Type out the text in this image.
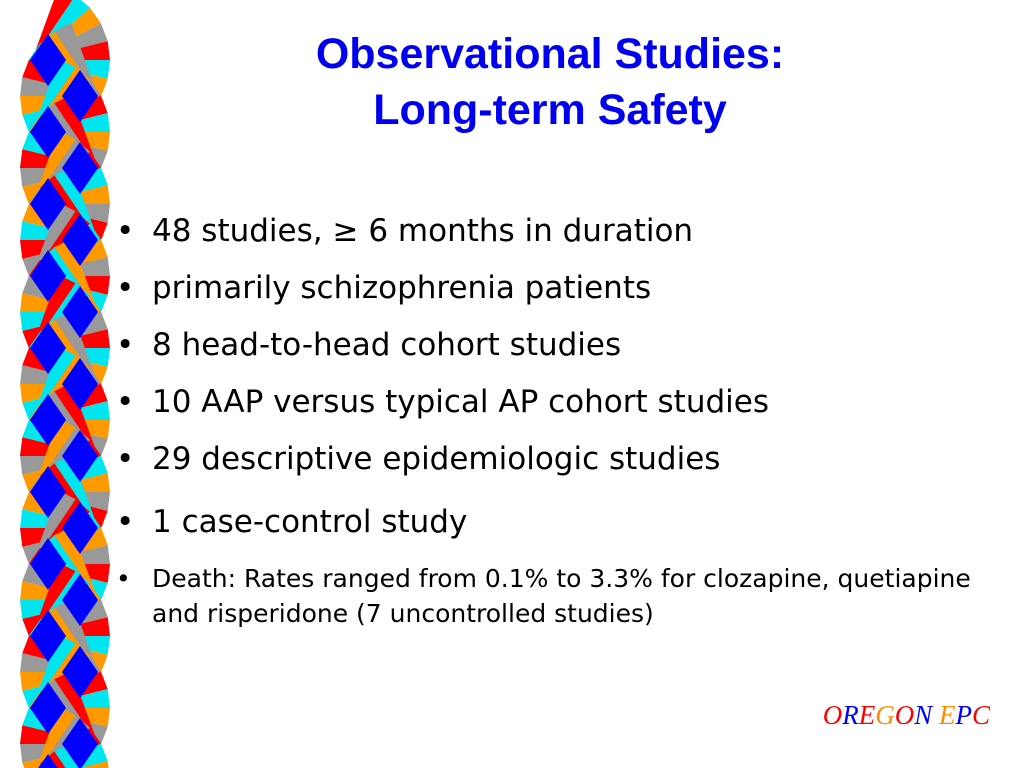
Observational Studies:
Long-term Safety
• 48 studies, ≥ 6 months in duration
• primarily schizophrenia patients
• 8 head-to-head cohort studies
• 10 AAP versus typical AP cohort studies
• 29 descriptive epidemiologic studies
• 1 case-control study
• Death: Rates ranged from 0.1% to 3.3% for clozapine, quetiapine and risperidone (7 uncontrolled studies)
OREGON EPC
